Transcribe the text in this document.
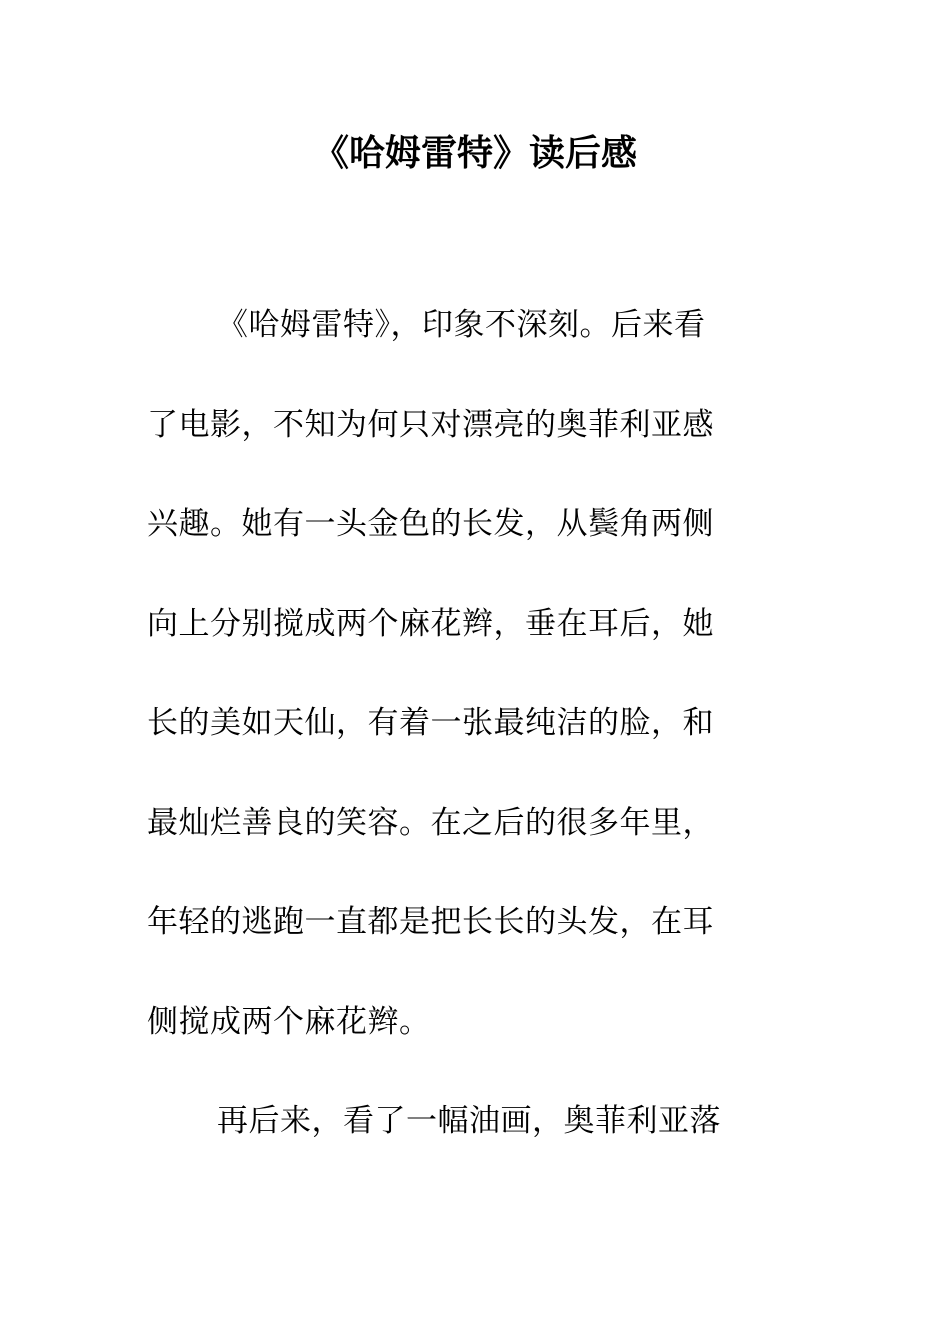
《哈姆雷特》读后感
《哈姆雷特》，印象不深刻。后来看
了电影，不知为何只对漂亮的奥菲利亚感
兴趣。她有一头金色的长发，从鬓角两侧
向上分别搅成两个麻花辫，垂在耳后，她
长的美如天仙，有着一张最纯洁的脸，和
最灿烂善良的笑容。在之后的很多年里，
年轻的逃跑一直都是把长长的头发，在耳
侧搅成两个麻花辫。
再后来，看了一幅油画，奥菲利亚落
